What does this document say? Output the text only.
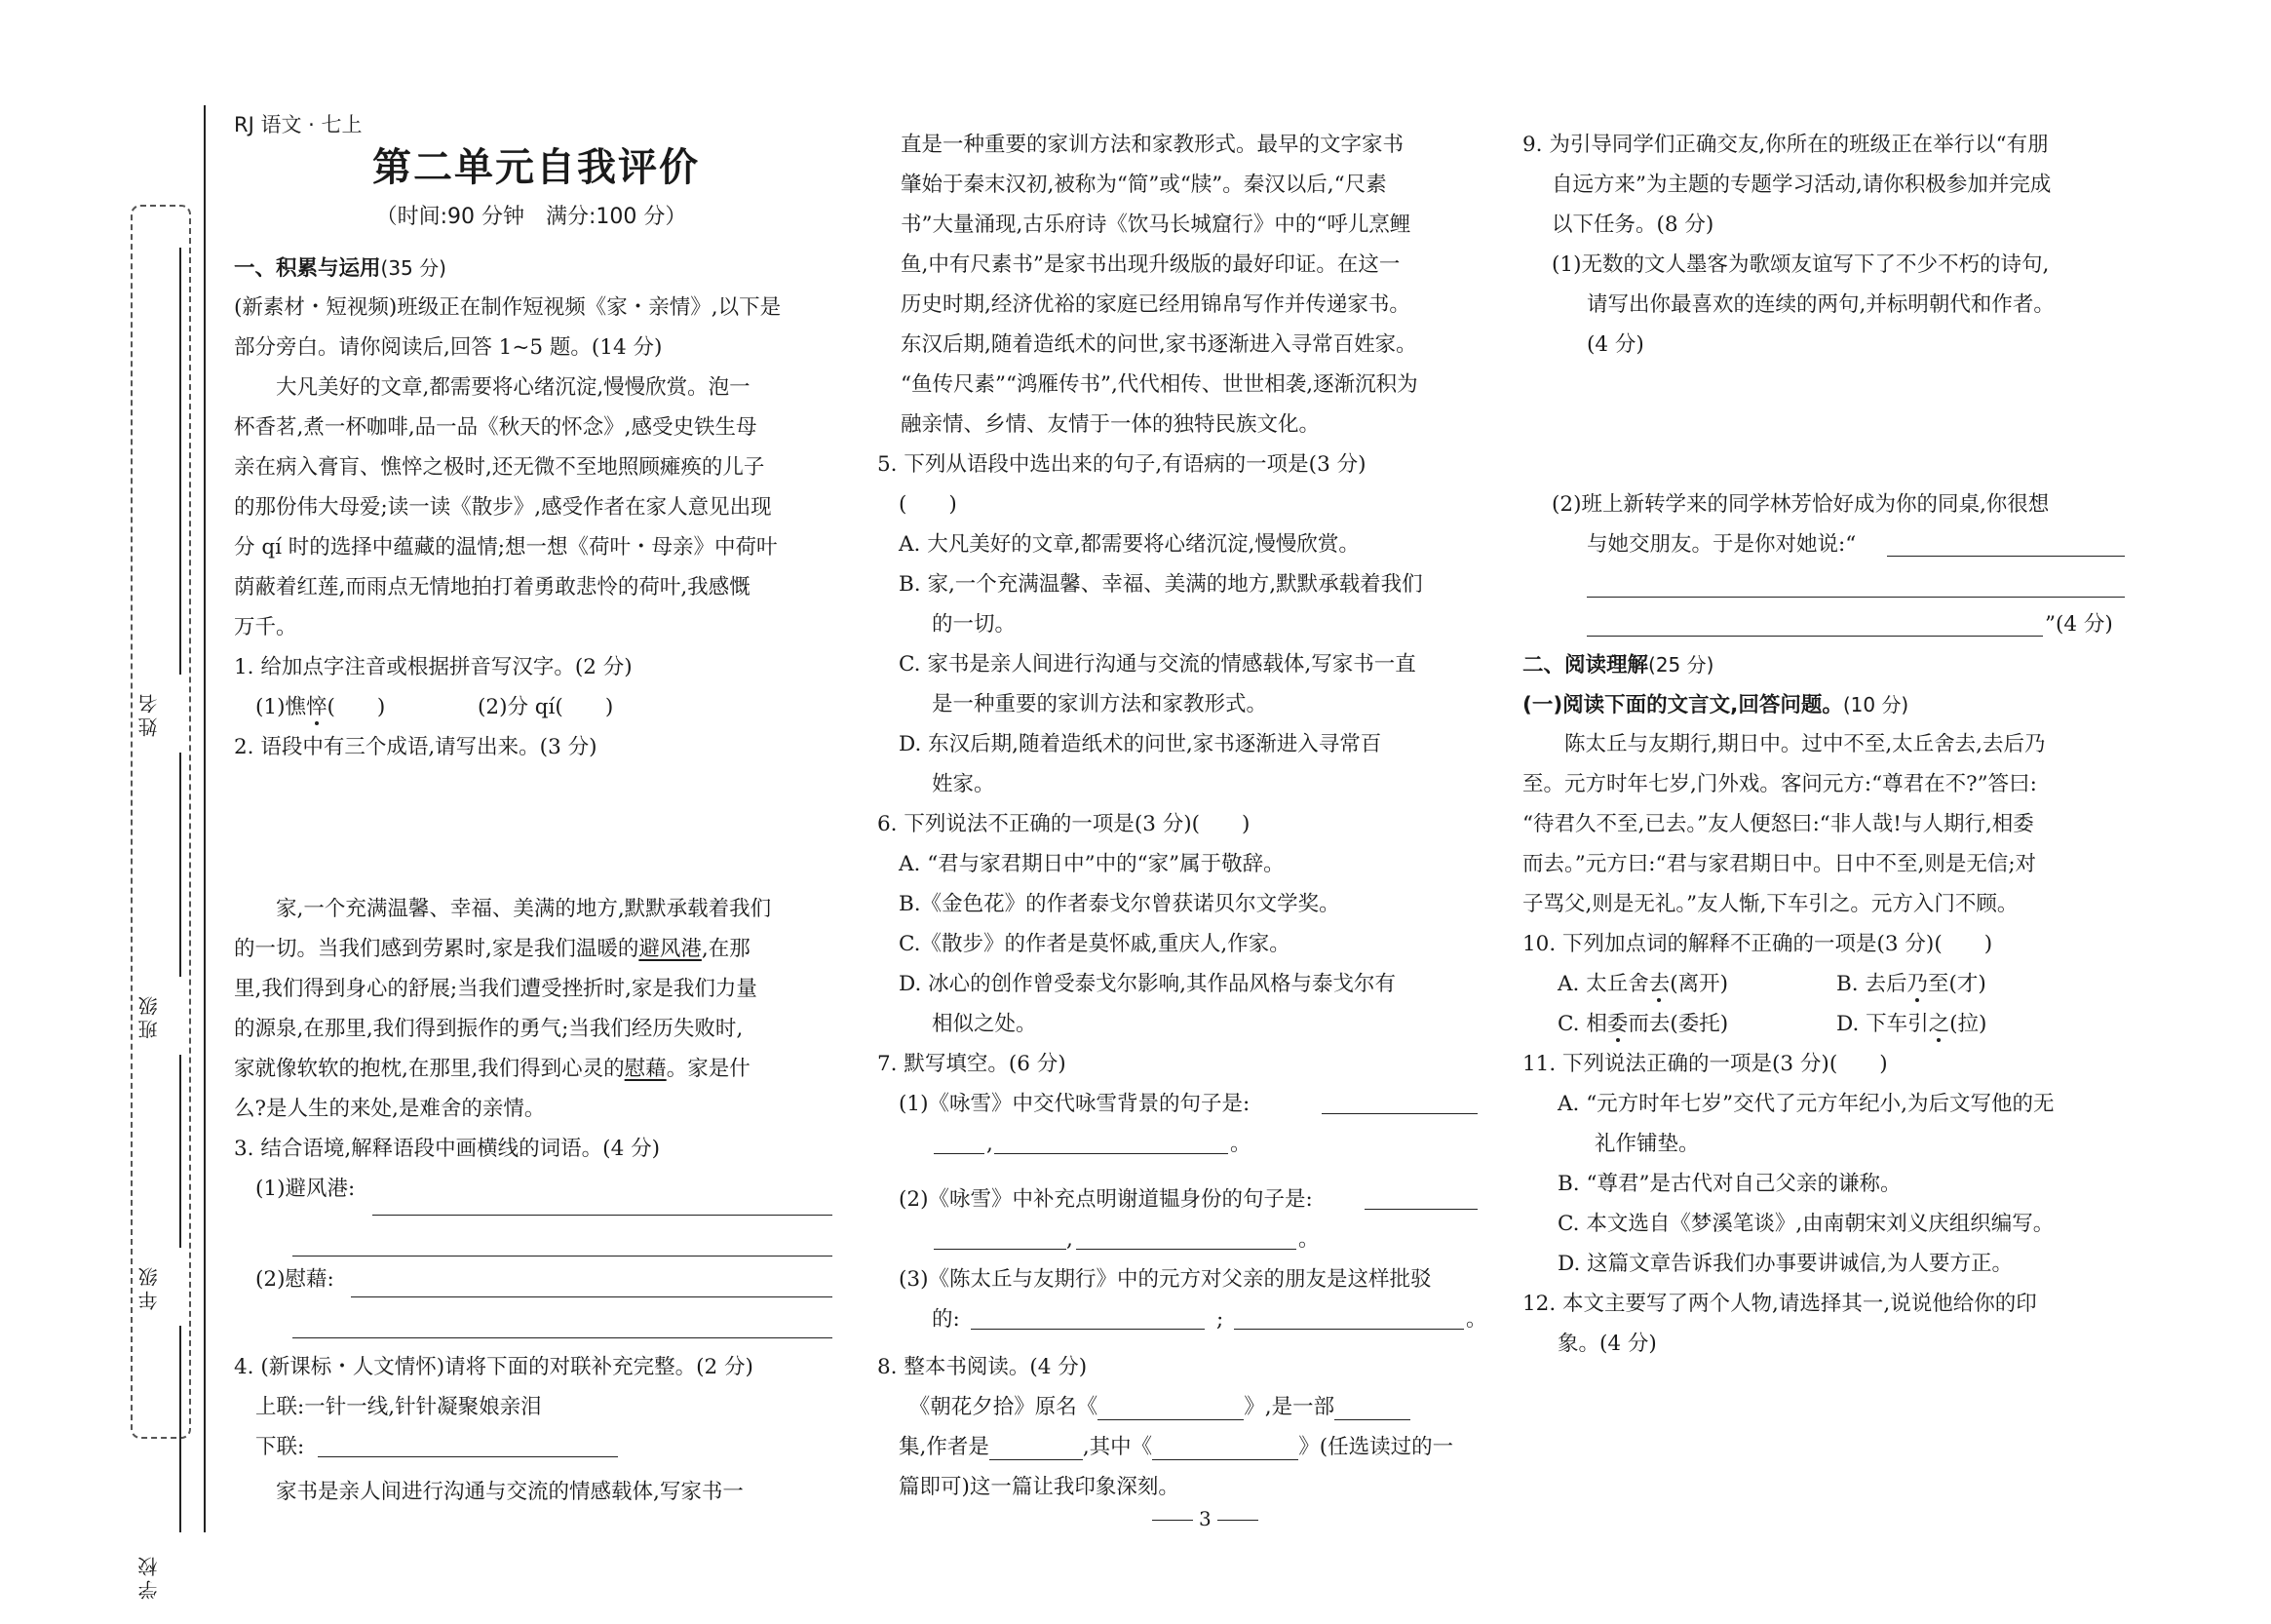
姓名
班级
年级
学校
RJ 语文 · 七上
第二单元自我评价
（时间:90 分钟　满分:100 分）
一、积累与运用(35 分)
(新素材・短视频)班级正在制作短视频《家・亲情》,以下是
部分旁白。请你阅读后,回答 1~5 题。(14 分)
　　大凡美好的文章,都需要将心绪沉淀,慢慢欣赏。泡一
杯香茗,煮一杯咖啡,品一品《秋天的怀念》,感受史铁生母
亲在病入膏肓、憔悴之极时,还无微不至地照顾瘫痪的儿子
的那份伟大母爱;读一读《散步》,感受作者在家人意见出现
分 qí 时的选择中蕴藏的温情;想一想《荷叶・母亲》中荷叶
荫蔽着红莲,而雨点无情地拍打着勇敢悲怜的荷叶,我感慨
万千。
1. 给加点字注音或根据拼音写汉字。(2 分)
(1)憔悴(　　)	(2)分 qí(　　)
2. 语段中有三个成语,请写出来。(3 分)
　　家,一个充满温馨、幸福、美满的地方,默默承载着我们
的一切。当我们感到劳累时,家是我们温暖的避风港,在那
里,我们得到身心的舒展;当我们遭受挫折时,家是我们力量
的源泉,在那里,我们得到振作的勇气;当我们经历失败时,
家就像软软的抱枕,在那里,我们得到心灵的慰藉。家是什
么?是人生的来处,是难舍的亲情。
3. 结合语境,解释语段中画横线的词语。(4 分)
(1)避风港:
(2)慰藉:
4. (新课标・人文情怀)请将下面的对联补充完整。(2 分)
上联:一针一线,针针凝聚娘亲泪
下联:
　　家书是亲人间进行沟通与交流的情感载体,写家书一
直是一种重要的家训方法和家教形式。最早的文字家书
肇始于秦末汉初,被称为“简”或“牍”。秦汉以后,“尺素
书”大量涌现,古乐府诗《饮马长城窟行》中的“呼儿烹鲤
鱼,中有尺素书”是家书出现升级版的最好印证。在这一
历史时期,经济优裕的家庭已经用锦帛写作并传递家书。
东汉后期,随着造纸术的问世,家书逐渐进入寻常百姓家。
“鱼传尺素”“鸿雁传书”,代代相传、世世相袭,逐渐沉积为
融亲情、乡情、友情于一体的独特民族文化。
5. 下列从语段中选出来的句子,有语病的一项是(3 分)
(　　)
A. 大凡美好的文章,都需要将心绪沉淀,慢慢欣赏。
B. 家,一个充满温馨、幸福、美满的地方,默默承载着我们
的一切。
C. 家书是亲人间进行沟通与交流的情感载体,写家书一直
是一种重要的家训方法和家教形式。
D. 东汉后期,随着造纸术的问世,家书逐渐进入寻常百
姓家。
6. 下列说法不正确的一项是(3 分)(　　)
A. “君与家君期日中”中的“家”属于敬辞。
B.《金色花》的作者泰戈尔曾获诺贝尔文学奖。
C.《散步》的作者是莫怀戚,重庆人,作家。
D. 冰心的创作曾受泰戈尔影响,其作品风格与泰戈尔有
相似之处。
7. 默写填空。(6 分)
(1)《咏雪》中交代咏雪背景的句子是:
,	。
(2)《咏雪》中补充点明谢道韫身份的句子是:
,	。
(3)《陈太丘与友期行》中的元方对父亲的朋友是这样批驳
的:	;	。
8. 整本书阅读。(4 分)
　《朝花夕拾》原名《	》,是一部
集,作者是	,其中《	》(任选读过的一
篇即可)这一篇让我印象深刻。
3
9. 为引导同学们正确交友,你所在的班级正在举行以“有朋
自远方来”为主题的专题学习活动,请你积极参加并完成
以下任务。(8 分)
(1)无数的文人墨客为歌颂友谊写下了不少不朽的诗句,
请写出你最喜欢的连续的两句,并标明朝代和作者。
(4 分)
(2)班上新转学来的同学林芳恰好成为你的同桌,你很想
与她交朋友。于是你对她说:“
”(4 分)
二、阅读理解(25 分)
(一)阅读下面的文言文,回答问题。(10 分)
　　陈太丘与友期行,期日中。过中不至,太丘舍去,去后乃
至。元方时年七岁,门外戏。客问元方:“尊君在不?”答曰:
“待君久不至,已去。”友人便怒曰:“非人哉!与人期行,相委
而去。”元方曰:“君与家君期日中。日中不至,则是无信;对
子骂父,则是无礼。”友人惭,下车引之。元方入门不顾。
10. 下列加点词的解释不正确的一项是(3 分)(　　)
A. 太丘舍去(离开)	B. 去后乃至(才)
C. 相委而去(委托)	D. 下车引之(拉)
11. 下列说法正确的一项是(3 分)(　　)
A. “元方时年七岁”交代了元方年纪小,为后文写他的无
礼作铺垫。
B. “尊君”是古代对自己父亲的谦称。
C. 本文选自《梦溪笔谈》,由南朝宋刘义庆组织编写。
D. 这篇文章告诉我们办事要讲诚信,为人要方正。
12. 本文主要写了两个人物,请选择其一,说说他给你的印
象。(4 分)
